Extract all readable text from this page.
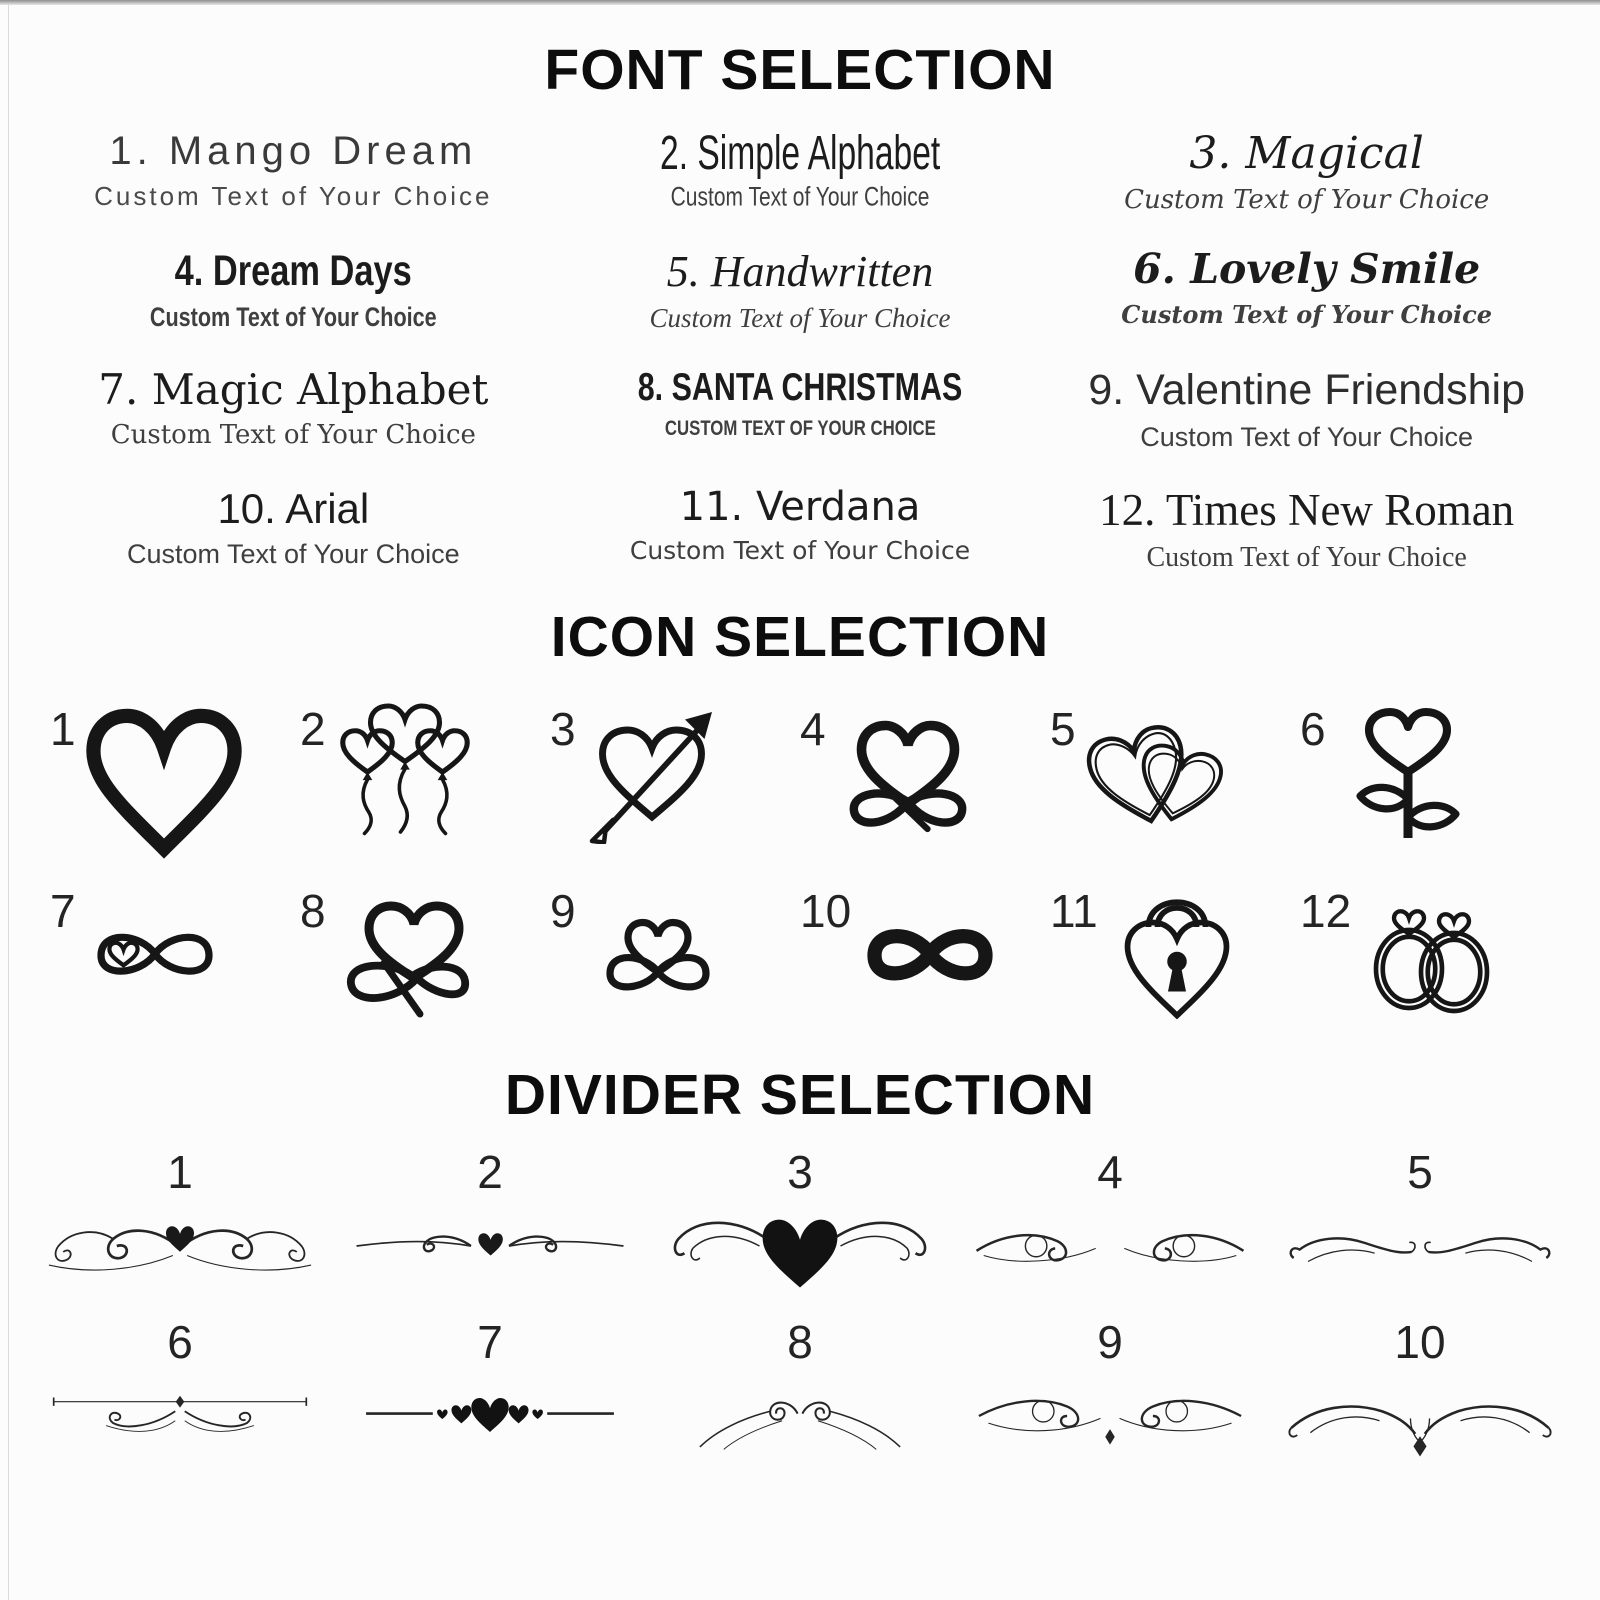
FONT SELECTION
1. Mango Dream
Custom Text of Your Choice
2. Simple Alphabet Custom Text of Your Choice
3. Magical
Custom Text of Your Choice
4. Dream Days Custom Text of Your Choice
5. Handwritten
Custom Text of Your Choice
6. Lovely Smile
Custom Text of Your Choice
7. Magic Alphabet
Custom Text of Your Choice
8. SANTA CHRISTMAS CUSTOM TEXT OF YOUR CHOICE
9. Valentine Friendship
Custom Text of Your Choice
10. Arial
Custom Text of Your Choice
11. Verdana
Custom Text of Your Choice
12. Times New Roman
Custom Text of Your Choice
ICON SELECTION
1	2	3	4	5	6
7	8	9	10	11	12
DIVIDER SELECTION
1	2	3	4	5
6	7	8	9	10
